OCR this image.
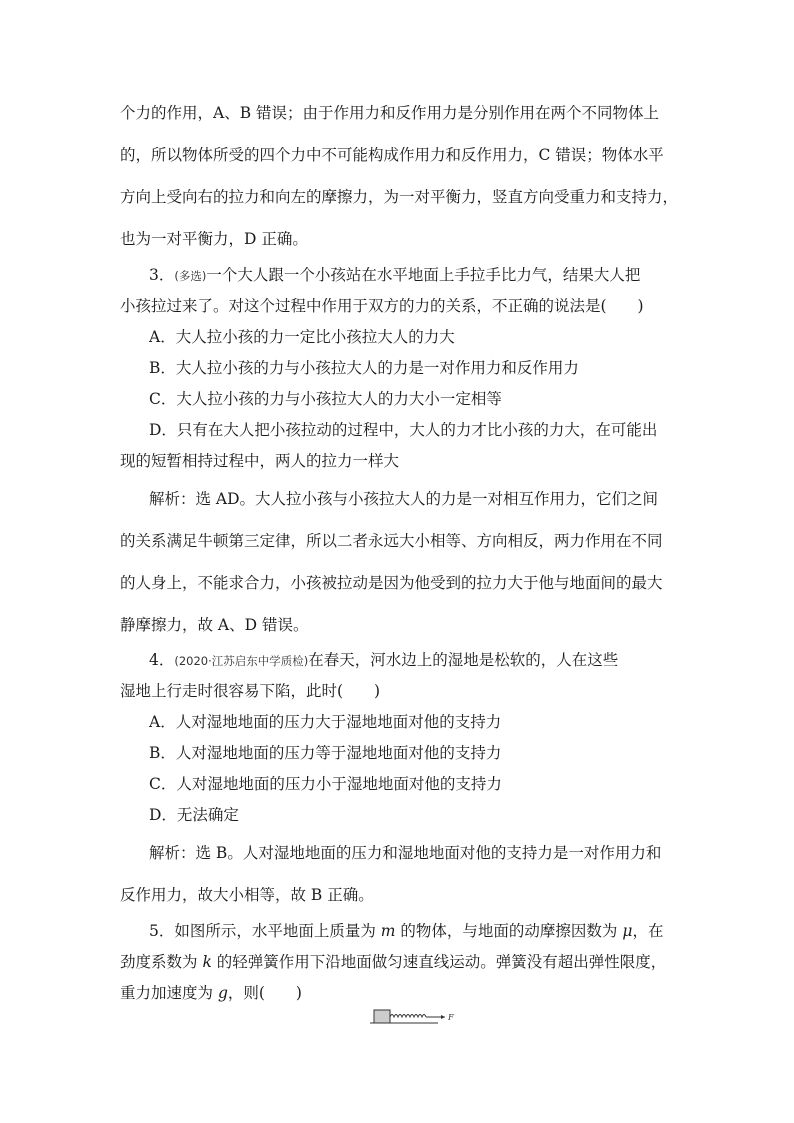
个力的作用，A、B 错误；由于作用力和反作用力是分别作用在两个不同物体上
的，所以物体所受的四个力中不可能构成作用力和反作用力，C 错误；物体水平
方向上受向右的拉力和向左的摩擦力，为一对平衡力，竖直方向受重力和支持力，
也为一对平衡力，D 正确。
3．(多选)一个大人跟一个小孩站在水平地面上手拉手比力气，结果大人把
小孩拉过来了。对这个过程中作用于双方的力的关系，不正确的说法是(　　)
A．大人拉小孩的力一定比小孩拉大人的力大
B．大人拉小孩的力与小孩拉大人的力是一对作用力和反作用力
C．大人拉小孩的力与小孩拉大人的力大小一定相等
D．只有在大人把小孩拉动的过程中，大人的力才比小孩的力大，在可能出
现的短暂相持过程中，两人的拉力一样大
解析：选 AD。大人拉小孩与小孩拉大人的力是一对相互作用力，它们之间
的关系满足牛顿第三定律，所以二者永远大小相等、方向相反，两力作用在不同
的人身上，不能求合力，小孩被拉动是因为他受到的拉力大于他与地面间的最大
静摩擦力，故 A、D 错误。
4．(2020·江苏启东中学质检)在春天，河水边上的湿地是松软的，人在这些
湿地上行走时很容易下陷，此时(　　)
A．人对湿地地面的压力大于湿地地面对他的支持力
B．人对湿地地面的压力等于湿地地面对他的支持力
C．人对湿地地面的压力小于湿地地面对他的支持力
D．无法确定
解析：选 B。人对湿地地面的压力和湿地地面对他的支持力是一对作用力和
反作用力，故大小相等，故 B 正确。
5．如图所示，水平地面上质量为 m 的物体，与地面的动摩擦因数为 μ，在
劲度系数为 k 的轻弹簧作用下沿地面做匀速直线运动。弹簧没有超出弹性限度，
重力加速度为 g，则(　　)
F
